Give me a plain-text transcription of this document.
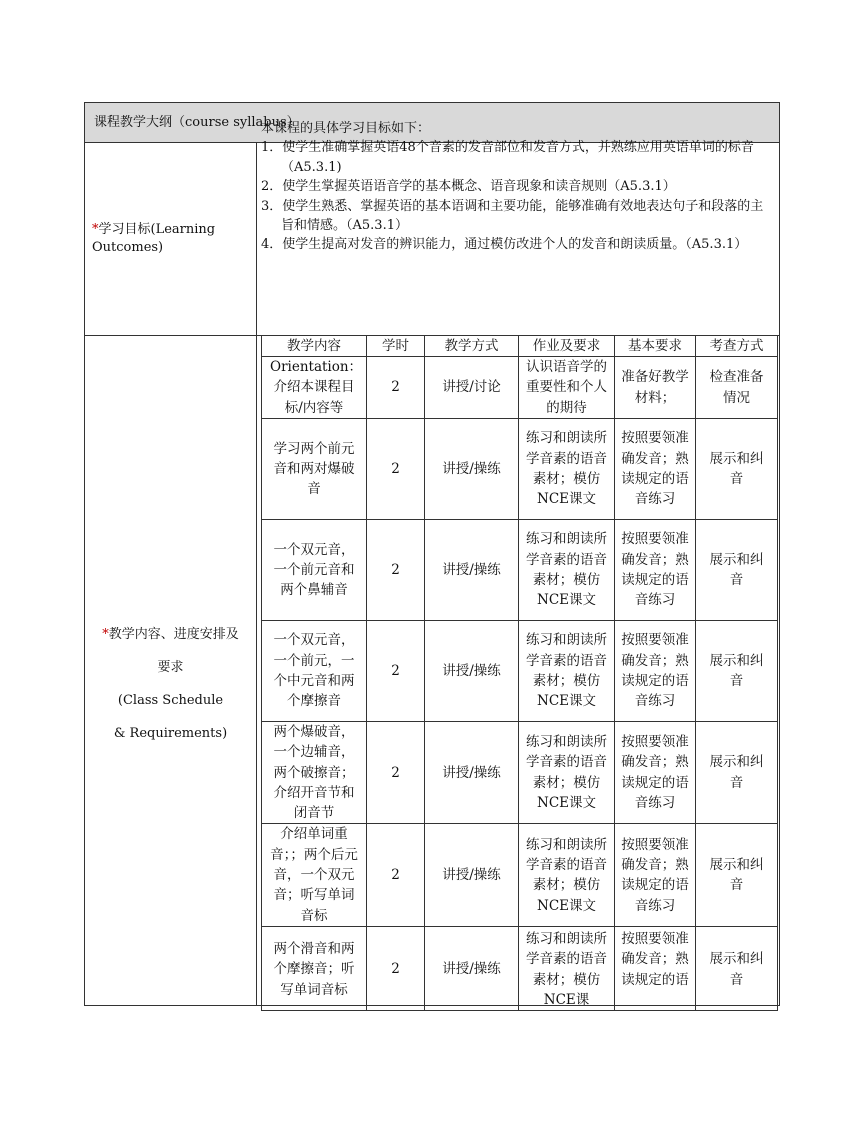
课程教学大纲（course syllabus）
*学习目标(Learning
Outcomes)

本课程的具体学习目标如下：

1．使学生准确掌握英语48个音素的发音部位和发音方式，并熟练应用英语单词的标音（A5.3.1)

2．使学生掌握英语语音学的基本概念、语音现象和读音规则（A5.3.1）

3．使学生熟悉、掌握英语的基本语调和主要功能，能够准确有效地表达句子和段落的主旨和情感。（A5.3.1）

4．使学生提高对发音的辨识能力，通过模仿改进个人的发音和朗读质量。（A5.3.1）

*教学内容、进度安排及
要求
(Class Schedule
& Requirements)
教学内容	学时	教学方式	作业及要求	基本要求	考查方式

Orientation：介绍本课程目标/内容等	2	讲授/讨论	认识语音学的重要性和个人的期待	准备好教学材料；	检查准备情况

学习两个前元音和两对爆破音	2	讲授/操练	练习和朗读所学音素的语音素材；模仿NCE课文	按照要领准确发音；熟读规定的语音练习	展示和纠音

一个双元音，一个前元音和两个鼻辅音	2	讲授/操练	练习和朗读所学音素的语音素材；模仿NCE课文	按照要领准确发音；熟读规定的语音练习	展示和纠音

一个双元音，一个前元，一个中元音和两个摩擦音	2	讲授/操练	练习和朗读所学音素的语音素材；模仿NCE课文	按照要领准确发音；熟读规定的语音练习	展示和纠音

两个爆破音，一个边辅音，两个破擦音；介绍开音节和闭音节	2	讲授/操练	练习和朗读所学音素的语音素材；模仿NCE课文	按照要领准确发音；熟读规定的语音练习	展示和纠音

介绍单词重音；；两个后元音，一个双元音；听写单词音标	2	讲授/操练	练习和朗读所学音素的语音素材；模仿NCE课文	按照要领准确发音；熟读规定的语音练习	展示和纠音

两个滑音和两个摩擦音；听写单词音标	2	讲授/操练	练习和朗读所学音素的语音素材；模仿NCE课	按照要领准确发音；熟读规定的语	展示和纠音
